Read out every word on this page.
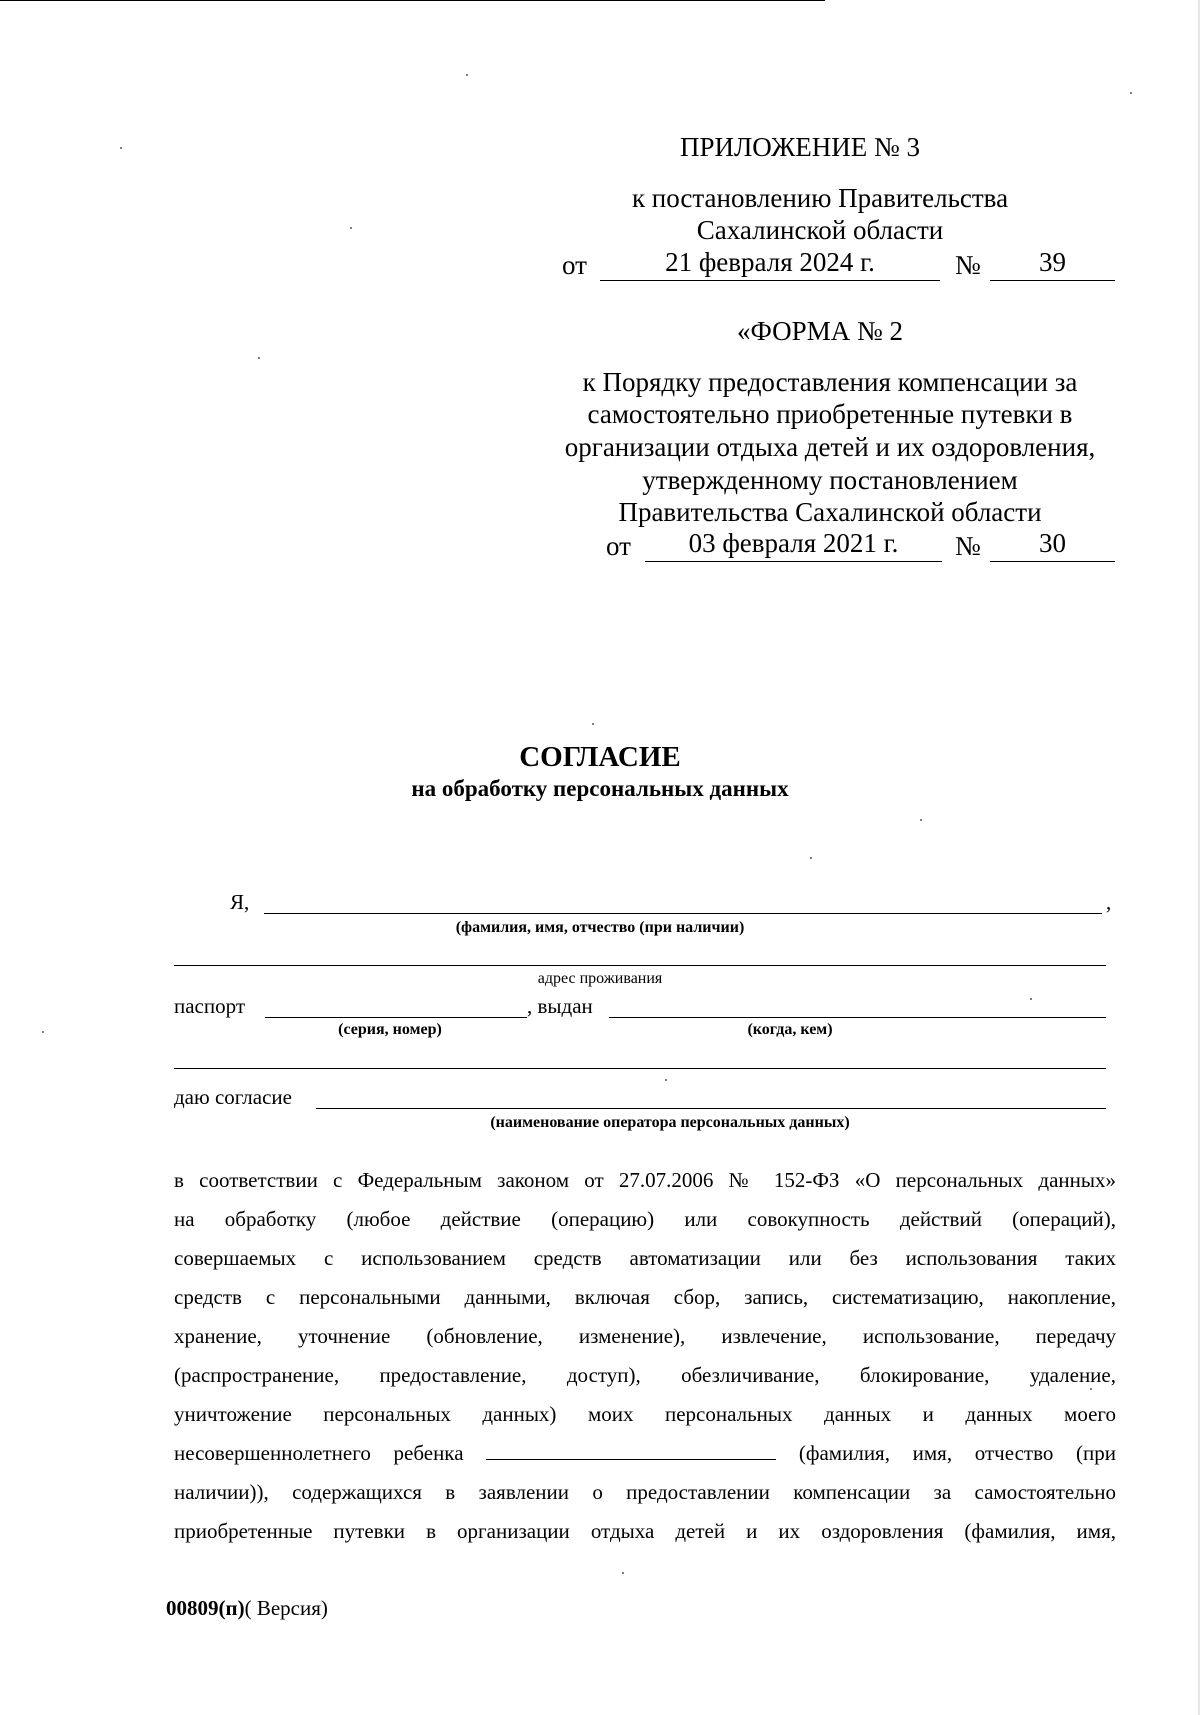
ПРИЛОЖЕНИЕ № 3
к постановлению Правительства
Сахалинской области
от	21 февраля 2024 г.	№	39
«ФОРМА № 2
к Порядку предоставления компенсации за
самостоятельно приобретенные путевки в
организации отдыха детей и их оздоровления,
утвержденному постановлением
Правительства Сахалинской области
от	03 февраля 2021 г.	№	30
СОГЛАСИЕ
на обработку персональных данных
Я,	,
(фамилия, имя, отчество (при наличии)
адрес проживания
паспорт	, выдан
(серия, номер)	(когда, кем)
даю согласие
(наименование оператора персональных данных)
в соответствии с Федеральным законом от 27.07.2006 № 152-ФЗ «О персональных данных»
на обработку (любое действие (операцию) или совокупность действий (операций),
совершаемых с использованием средств автоматизации или без использования таких
средств с персональными данными, включая сбор, запись, систематизацию, накопление,
хранение, уточнение (обновление, изменение), извлечение, использование, передачу
(распространение, предоставление, доступ), обезличивание, блокирование, удаление,
уничтожение персональных данных) моих персональных данных и данных моего
несовершеннолетнего ребенка	(фамилия, имя, отчество (при
наличии)), содержащихся в заявлении о предоставлении компенсации за самостоятельно
приобретенные путевки в организации отдыха детей и их оздоровления (фамилия, имя,
00809(п)( Версия)
